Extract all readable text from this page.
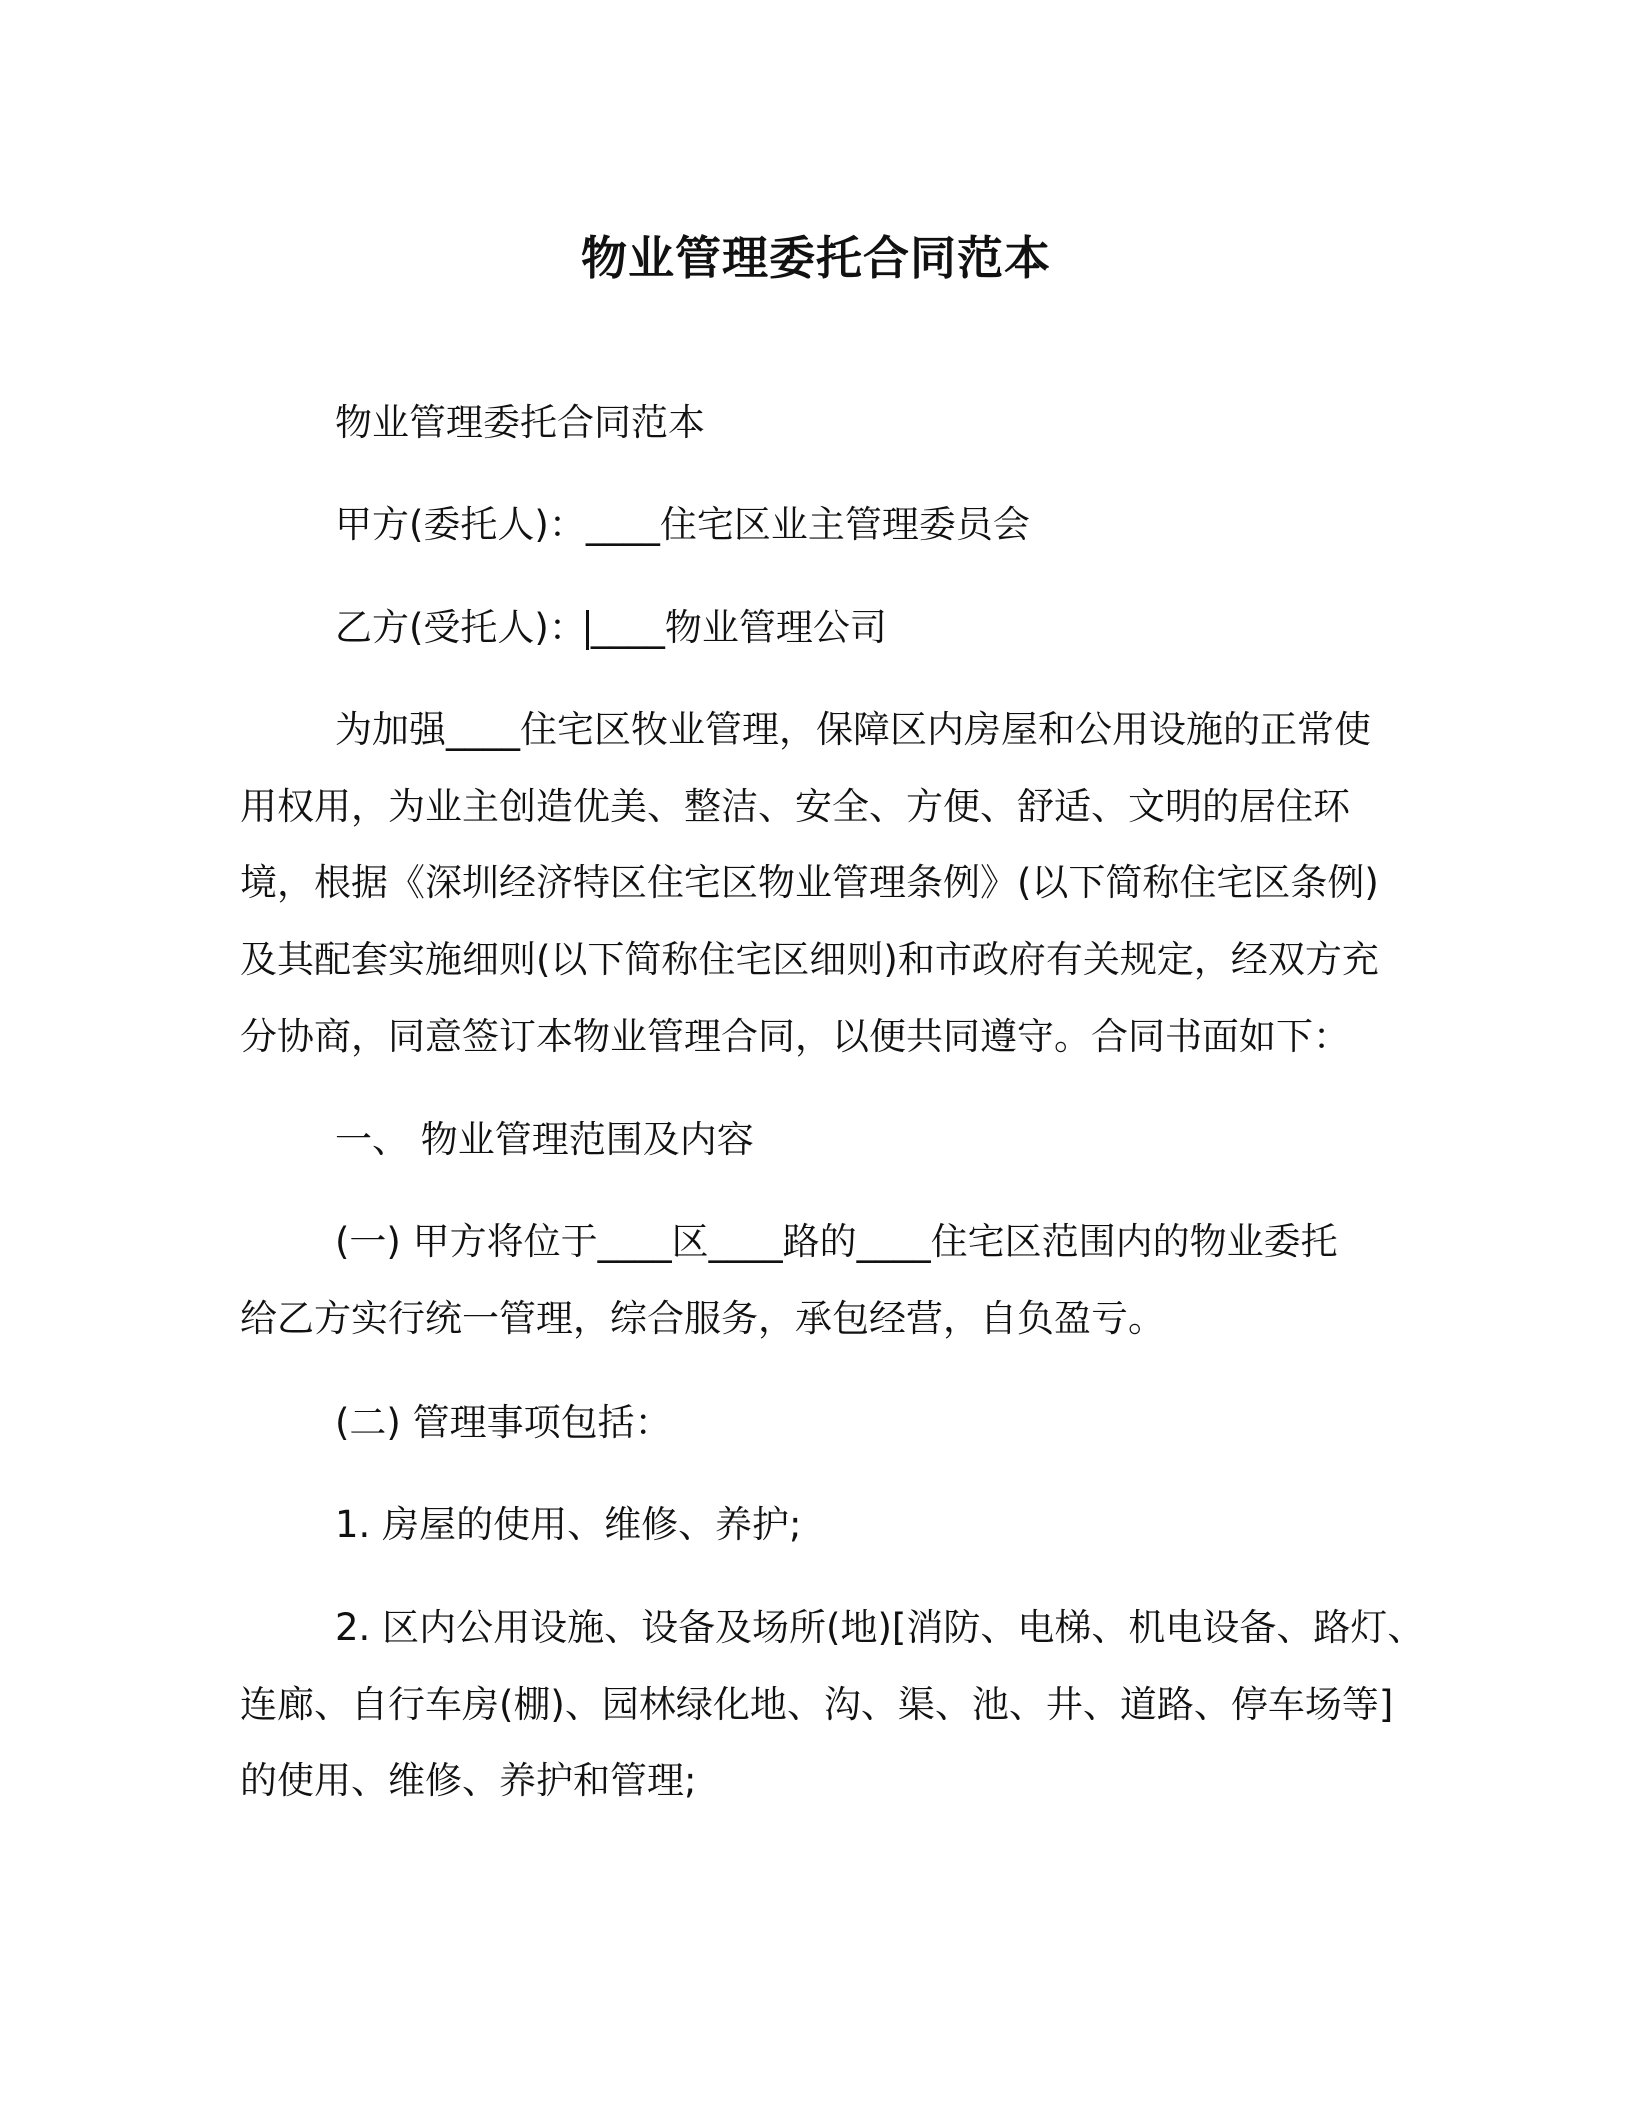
物业管理委托合同范本
物业管理委托合同范本
甲方(委托人)：____住宅区业主管理委员会
乙方(受托人)： ____物业管理公司
为加强____住宅区牧业管理，保障区内房屋和公用设施的正常使
用权用，为业主创造优美、整洁、安全、方便、舒适、文明的居住环
境，根据《深圳经济特区住宅区物业管理条例》(以下简称住宅区条例)
及其配套实施细则(以下简称住宅区细则)和市政府有关规定，经双方充
分协商，同意签订本物业管理合同，以便共同遵守。合同书面如下：
一、 物业管理范围及内容
(一) 甲方将位于____区____路的____住宅区范围内的物业委托
给乙方实行统一管理，综合服务，承包经营，自负盈亏。
(二) 管理事项包括：
1. 房屋的使用、维修、养护;
2. 区内公用设施、设备及场所(地)[消防、电梯、机电设备、路灯、
连廊、自行车房(棚)、园林绿化地、沟、渠、池、井、道路、停车场等]
的使用、维修、养护和管理;
